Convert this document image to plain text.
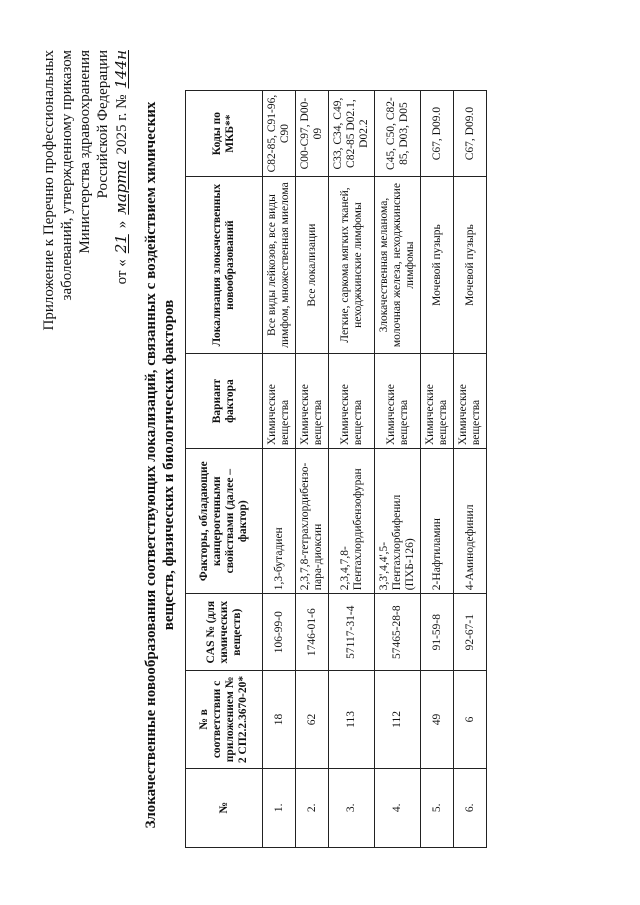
Приложение к Перечню профессиональных заболеваний, утвержденному приказом Министерства здравоохранения Российской Федерации
от «
21
»
марта
2025 г. №
144н
Злокачественные новообразования соответствующих локализаций, связанных с воздействием химических веществ, физических и биологических факторов
№	№ в соответствии с приложением № 2 СП2.2.3670-20*	CAS № (для химических веществ)	Факторы, обладающие канцерогенными свойствами (далее – фактор)	Вариант фактора	Локализация злокачественных новообразований	Коды по МКБ**
1.	18	106-99-0	1,3-бутадиен	Химические вещества	Все виды лейкозов, все виды лимфом, множественная миелома	C82-85, C91-96, C90
2.	62	1746-01-6	2,3,7,8-тетрахлордибензо-пара-диоксин	Химические вещества	Все локализации	C00-C97, D00-09
3.	113	57117-31-4	2,3,4,7,8-Пентахлордибензофуран	Химические вещества	Легкие, саркома мягких тканей, неходжкинские лимфомы	C33, C34, C49, C82-85 D02.1, D02.2
4.	112	57465-28-8	3,3',4,4',5-Пентахлорбифенил (ПХБ-126)	Химические вещества	Злокачественная меланома, молочная железа, неходжкинские лимфомы	C45, C50, C82-85, D03, D05
5.	49	91-59-8	2-Нафтиламин	Химические вещества	Мочевой пузырь	C67, D09.0
6.	6	92-67-1	4-Аминодефинил	Химические вещества	Мочевой пузырь	C67, D09.0
